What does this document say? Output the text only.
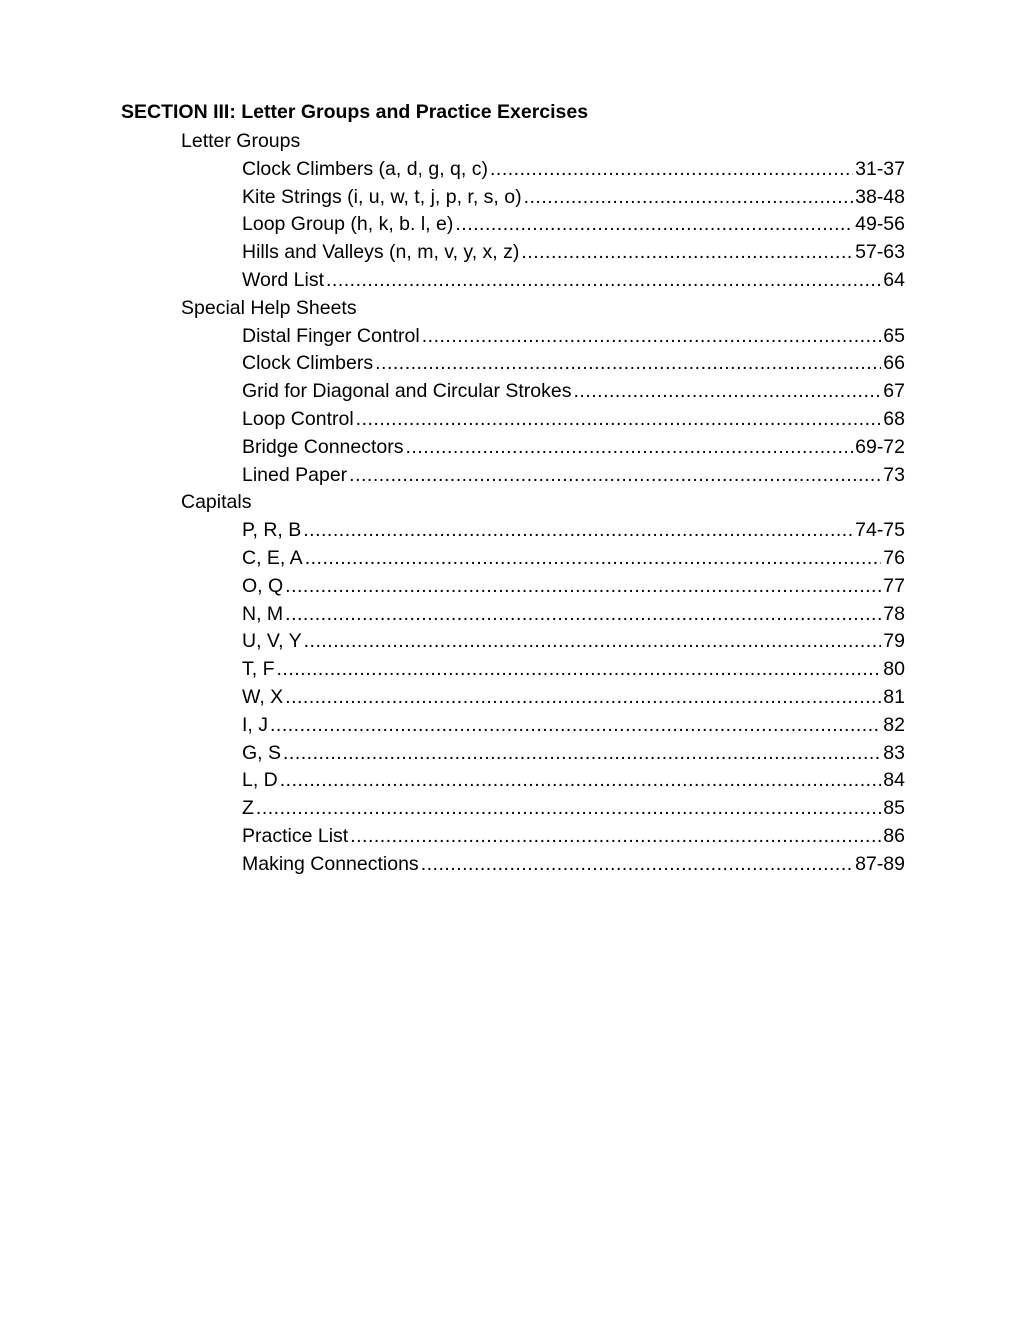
SECTION III: Letter Groups and Practice Exercises
Letter Groups
Clock Climbers (a, d, g, q, c) .....	31-37
Kite Strings (i, u, w, t, j, p, r, s, o) .....	38-48
Loop Group (h, k, b. l, e) .....	49-56
Hills and Valleys (n, m, v, y, x, z) .....	57-63
Word List .....	64
Special Help Sheets
Distal Finger Control .....	65
Clock Climbers .....	66
Grid for Diagonal and Circular Strokes .....	67
Loop Control .....	68
Bridge Connectors .....	69-72
Lined Paper .....	73
Capitals
P, R, B .....	74-75
C, E, A .....	76
O, Q .....	77
N, M .....	78
U, V, Y .....	79
T, F .....	80
W, X .....	81
I, J .....	82
G, S .....	83
L, D .....	84
Z .....	85
Practice List .....	86
Making Connections .....	87-89
